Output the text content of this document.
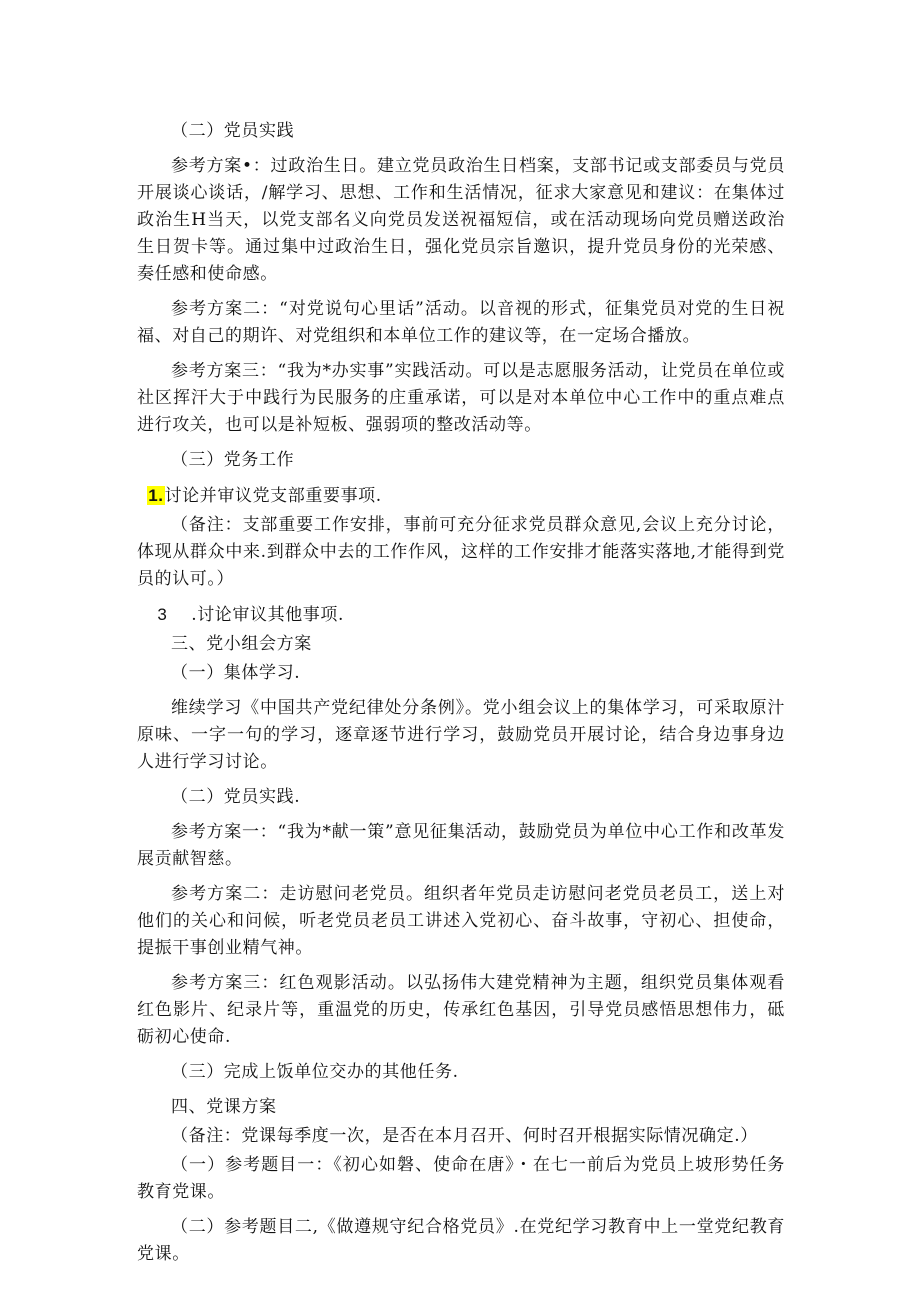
（二）党员实践

参考方案•：过政治生日。建立党员政治生日档案，支部书记或支部委员与党员开展谈心谈话，/解学习、思想、工作和生活情况，征求大家意见和建议：在集体过政治生H当天，以党支部名义向党员发送祝福短信，或在活动现场向党员赠送政治生日贺卡等。通过集中过政治生日，强化党员宗旨邀识，提升党员身份的光荣感、奏任感和使命感。

参考方案二：“对党说句心里话”活动。以音视的形式，征集党员对党的生日祝福、对自己的期许、对党组织和本单位工作的建议等，在一定场合播放。

参考方案三：“我为*办实事”实践活动。可以是志愿服务活动，让党员在单位或社区挥汗大于中践行为民服务的庄重承诺，可以是对本单位中心工作中的重点难点进行攻关，也可以是补短板、强弱项的整改活动等。

（三）党务工作

1.讨论并审议党支部重要事项.

（备注：支部重要工作安排，事前可充分征求党员群众意见,会议上充分讨论，体现从群众中来.到群众中去的工作作风，这样的工作安排才能落实落地,才能得到党员的认可。）

3 .讨论审议其他事项.

三、党小组会方案

（一）集体学习.

维续学习《中国共产党纪律处分条例》。党小组会议上的集体学习，可采取原汁原味、一字一句的学习，逐章逐节进行学习，鼓励党员开展讨论，结合身边事身边人进行学习讨论。

（二）党员实践.

参考方案一：“我为*献一策”意见征集活动，鼓励党员为单位中心工作和改革发展贡献智慈。

参考方案二：走访慰问老党员。组织者年党员走访慰问老党员老员工，送上对他们的关心和问候，听老党员老员工讲述入党初心、奋斗故事，守初心、担使命，提振干事创业精气神。

参考方案三：红色观影活动。以弘扬伟大建党精神为主题，组织党员集体观看红色影片、纪录片等，重温党的历史，传承红色基因，引导党员感悟思想伟力，砥砺初心使命.

（三）完成上饭单位交办的其他任务.

四、党课方案

（备注：党课每季度一次，是否在本月召开、何时召开根据实际情况确定.）

（一）参考题目一：《初心如磐、使命在唐》・在七一前后为党员上坡形势任务教育党课。

（二）参考题目二,《做遵规守纪合格党员》.在党纪学习教育中上一堂党纪教育党课。
